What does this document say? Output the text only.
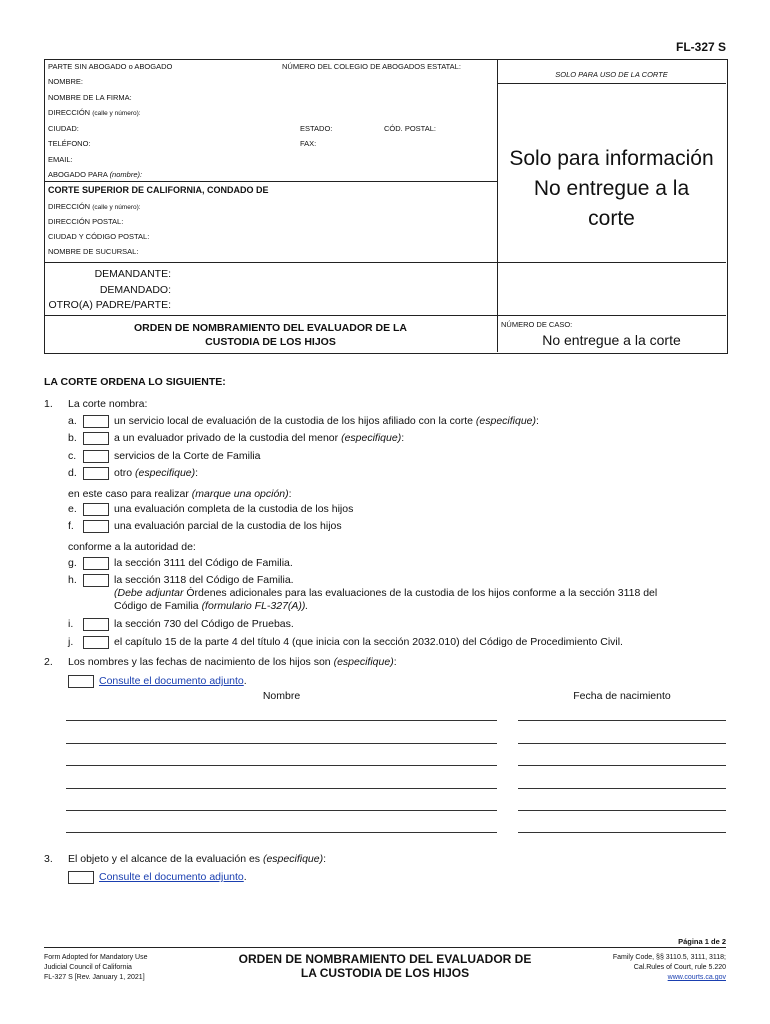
FL-327 S
PARTE SIN ABOGADO o ABOGADO	NÚMERO DEL COLEGIO DE ABOGADOS ESTATAL:
NOMBRE:
NOMBRE DE LA FIRMA:
DIRECCIÓN (calle y número):
CIUDAD:	ESTADO:	CÓD. POSTAL:
TELÉFONO:	FAX:
EMAIL:
ABOGADO PARA (nombre):
CORTE SUPERIOR DE CALIFORNIA, CONDADO DE
DIRECCIÓN (calle y número):
DIRECCIÓN POSTAL:
CIUDAD Y CÓDIGO POSTAL:
NOMBRE DE SUCURSAL:
DEMANDANTE:
DEMANDADO:
OTRO(A) PADRE/PARTE:
ORDEN DE NOMBRAMIENTO DEL EVALUADOR DE LA
CUSTODIA DE LOS HIJOS
SOLO PARA USO DE LA CORTE
Solo para información
No entregue a la
corte
NÚMERO DE CASO:
No entregue a la corte
LA CORTE ORDENA LO SIGUIENTE:
1. La corte nombra:
a.	un servicio local de evaluación de la custodia de los hijos afiliado con la corte (especifique):
b.	a un evaluador privado de la custodia del menor (especifique):
c.	servicios de la Corte de Familia
d.	otro (especifique):
en este caso para realizar (marque una opción):
e.	una evaluación completa de la custodia de los hijos
f.	una evaluación parcial de la custodia de los hijos
conforme a la autoridad de:
g.	la sección 3111 del Código de Familia.
h.	la sección 3118 del Código de Familia.
(Debe adjuntar Órdenes adicionales para las evaluaciones de la custodia de los hijos conforme a la sección 3118 del
Código de Familia (formulario FL-327(A)).
i.	la sección 730 del Código de Pruebas.
j.	el capítulo 15 de la parte 4 del título 4 (que inicia con la sección 2032.010) del Código de Procedimiento Civil.
2. Los nombres y las fechas de nacimiento de los hijos son (especifique):
Consulte el documento adjunto.
Nombre	Fecha de nacimiento
3. El objeto y el alcance de la evaluación es (especifique):
Consulte el documento adjunto.
Página 1 de 2
Form Adopted for Mandatory Use
Judicial Council of California
FL-327 S [Rev. January 1, 2021]
ORDEN DE NOMBRAMIENTO DEL EVALUADOR DE
LA CUSTODIA DE LOS HIJOS
Family Code, §§ 3110.5, 3111, 3118;
Cal.Rules of Court, rule 5.220
www.courts.ca.gov
